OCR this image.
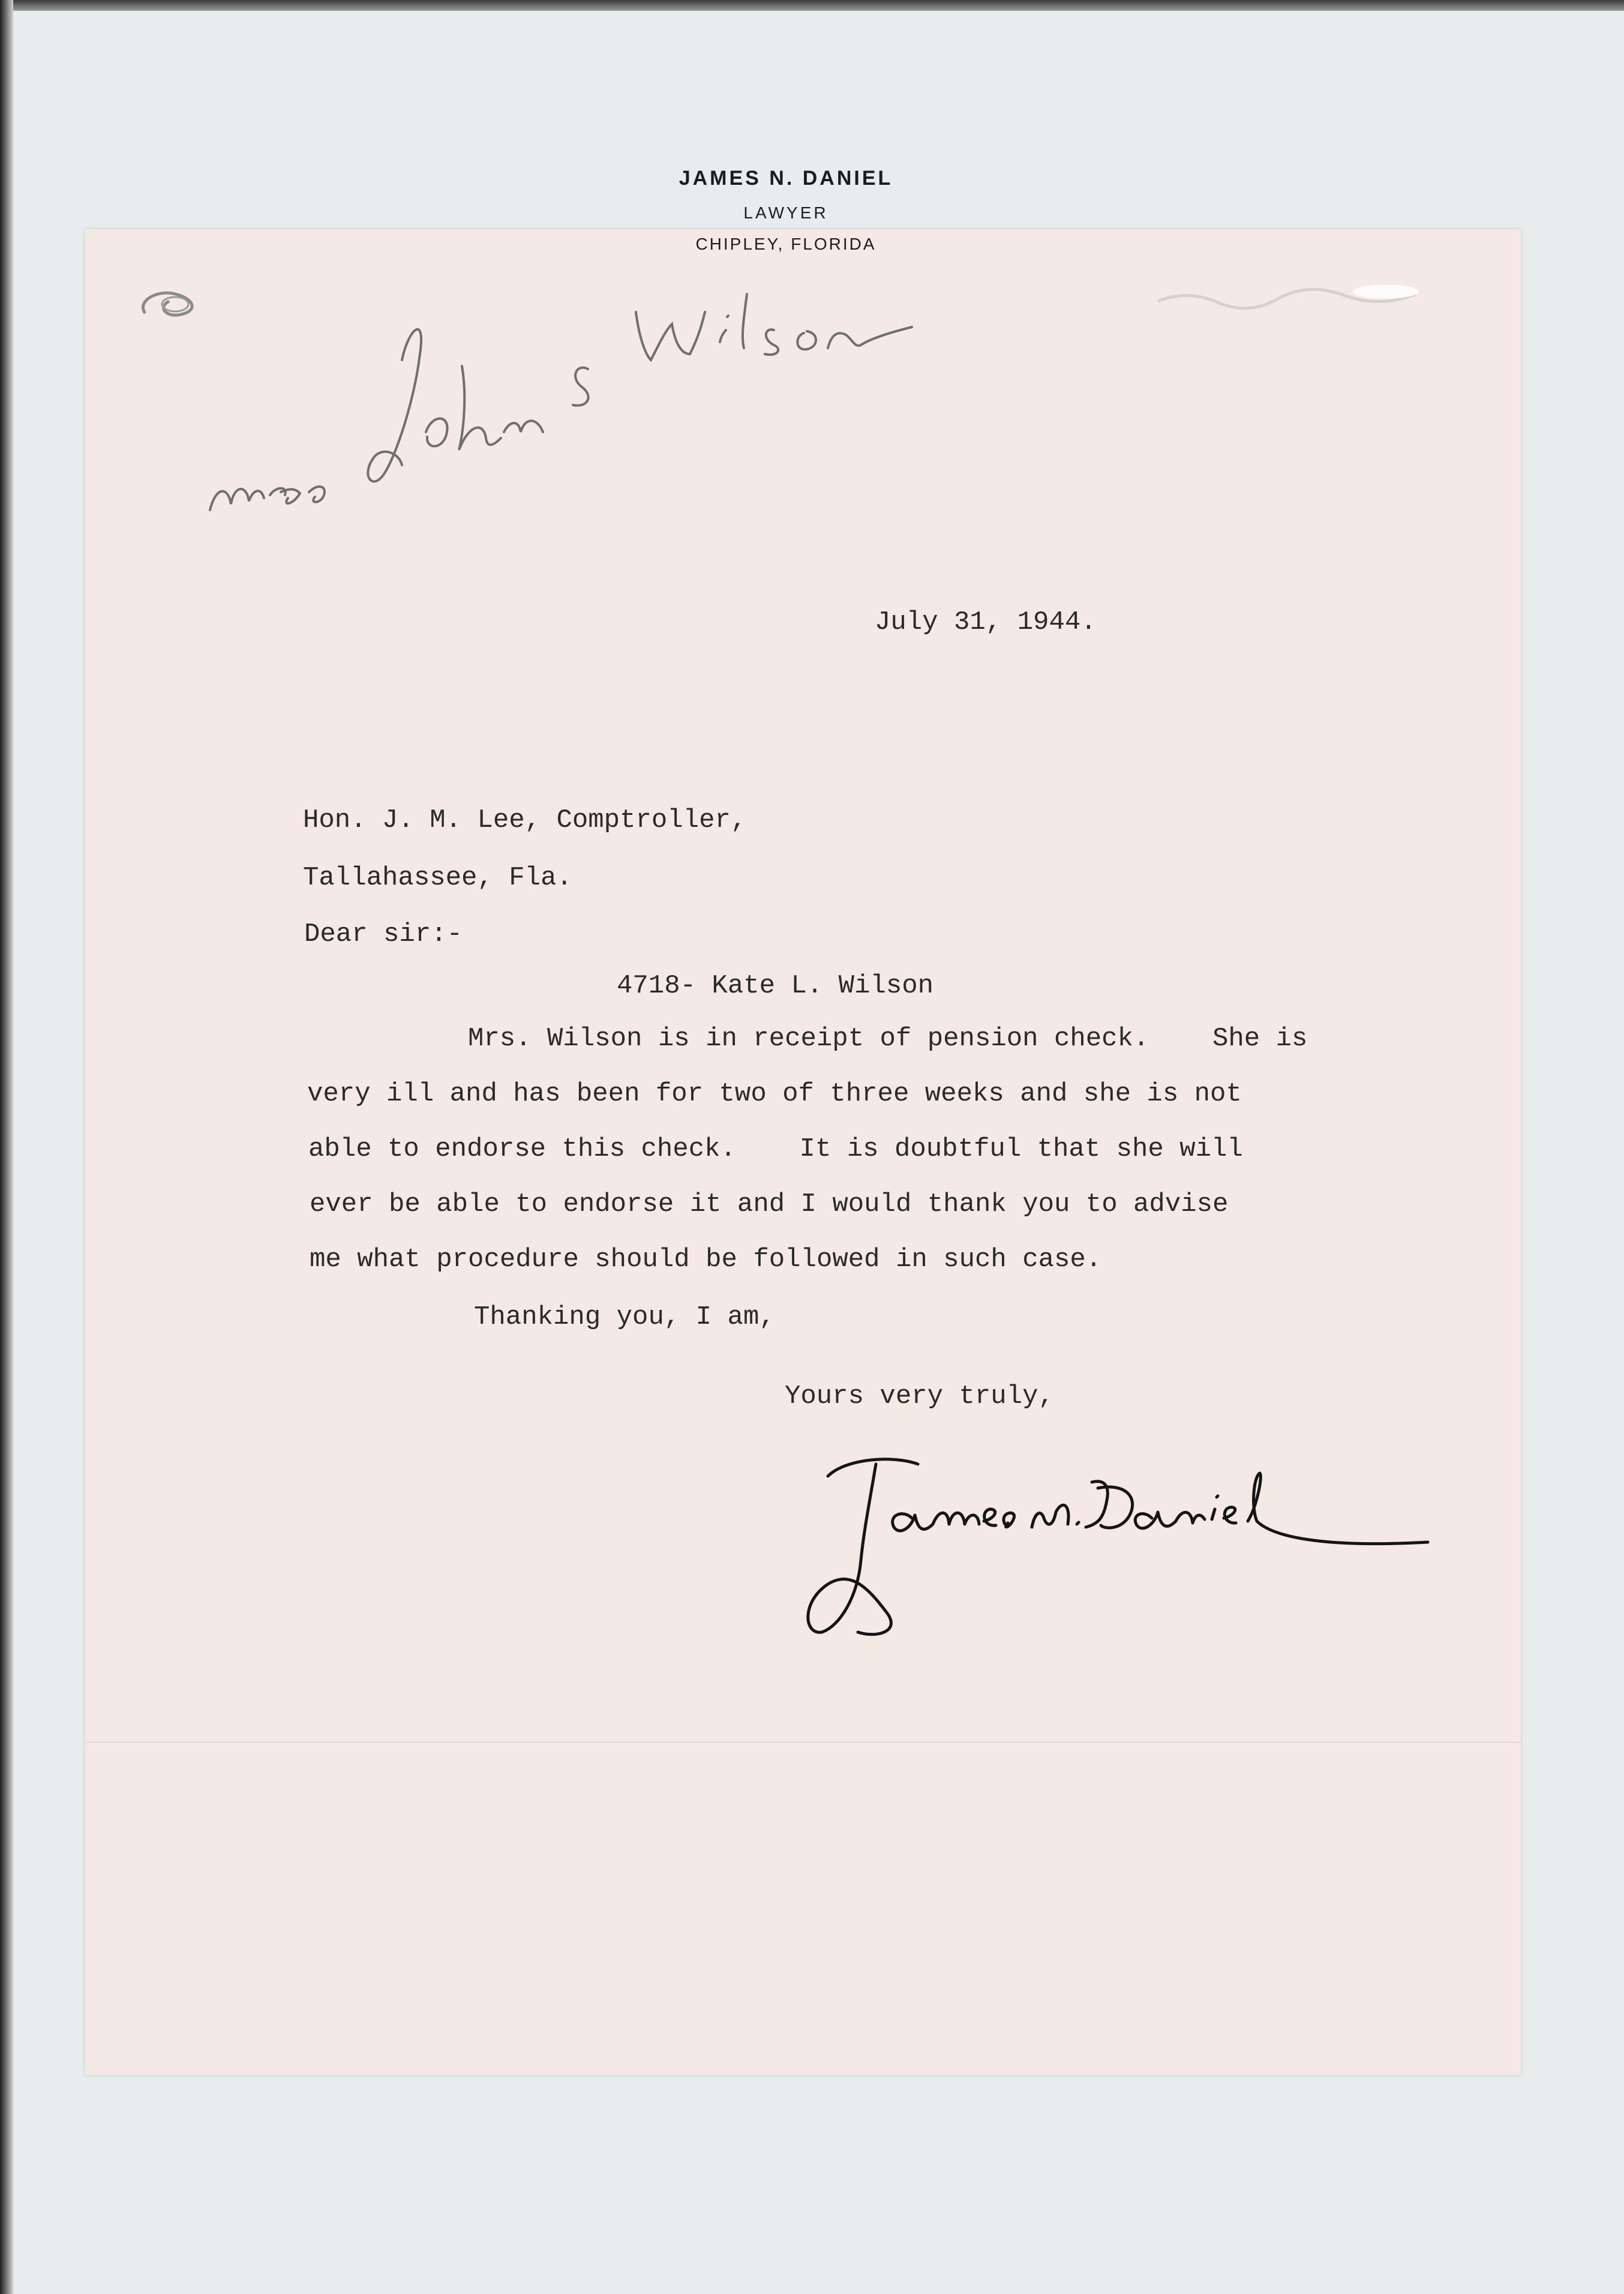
JAMES N. DANIEL
LAWYER
CHIPLEY, FLORIDA
July 31, 1944.
Hon. J. M. Lee, Comptroller,
Tallahassee, Fla.
Dear sir:-
4718- Kate L. Wilson
Mrs. Wilson is in receipt of pension check.    She is
very ill and has been for two of three weeks and she is not
able to endorse this check.    It is doubtful that she will
ever be able to endorse it and I would thank you to advise
me what procedure should be followed in such case.
Thanking you, I am,
Yours very truly,
